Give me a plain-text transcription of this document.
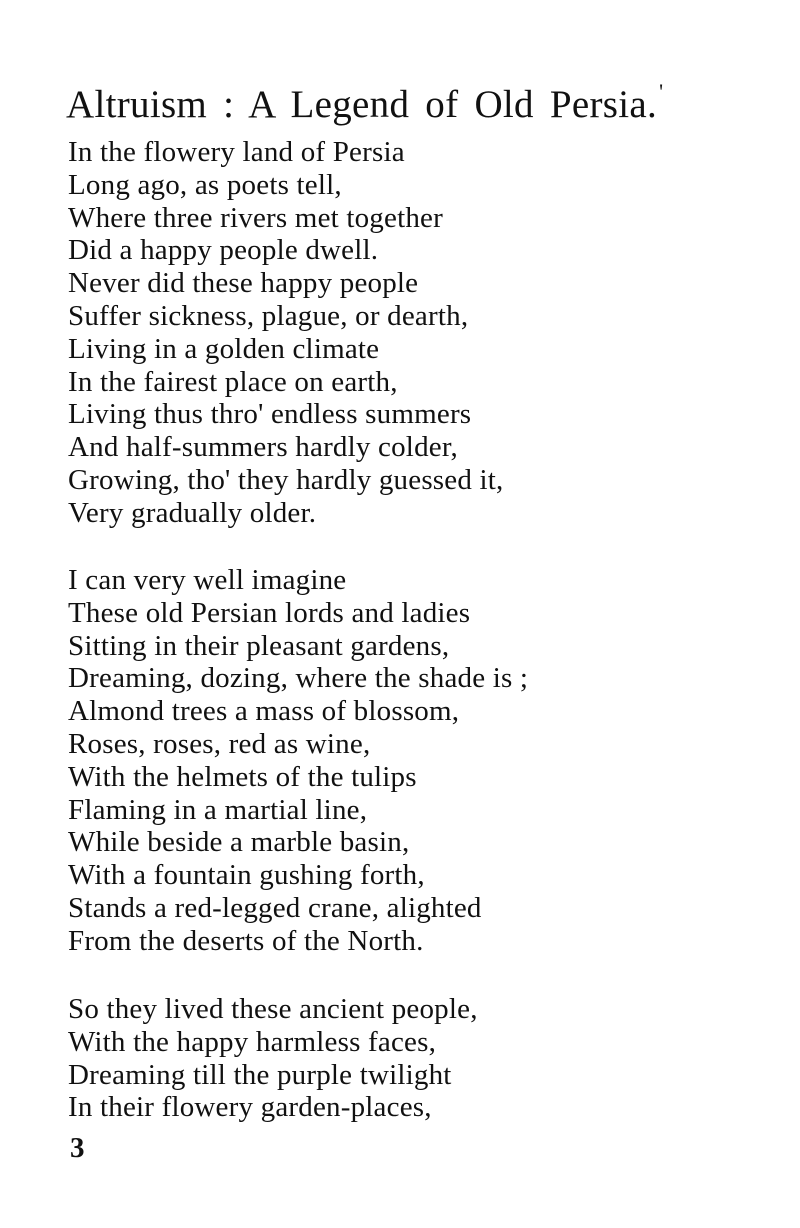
Altruism : A Legend of Old Persia.'
In the flowery land of Persia
Long ago, as poets tell,
Where three rivers met together
Did a happy people dwell.
Never did these happy people
Suffer sickness, plague, or dearth,
Living in a golden climate
In the fairest place on earth,
Living thus thro' endless summers
And half-summers hardly colder,
Growing, tho' they hardly guessed it,
Very gradually older.
I can very well imagine
These old Persian lords and ladies
Sitting in their pleasant gardens,
Dreaming, dozing, where the shade is ;
Almond trees a mass of blossom,
Roses, roses, red as wine,
With the helmets of the tulips
Flaming in a martial line,
While beside a marble basin,
With a fountain gushing forth,
Stands a red-legged crane, alighted
From the deserts of the North.
So they lived these ancient people,
With the happy harmless faces,
Dreaming till the purple twilight
In their flowery garden-places,
3
